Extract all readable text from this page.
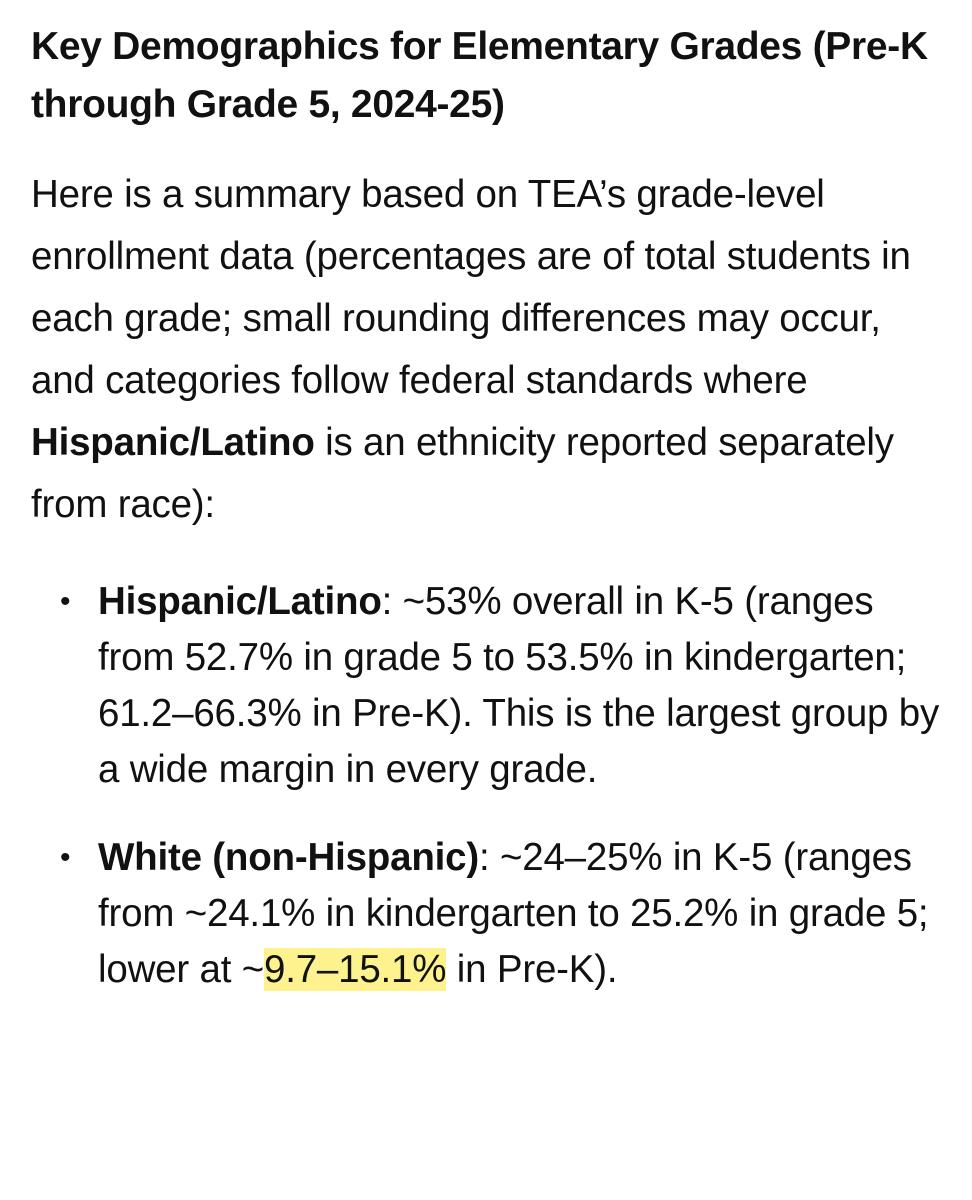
Key Demographics for Elementary Grades (Pre-K through Grade 5, 2024-25)

Here is a summary based on TEA’s grade-level enrollment data (percentages are of total students in each grade; small rounding differences may occur, and categories follow federal standards where Hispanic/Latino is an ethnicity reported separately from race):

• Hispanic/Latino: ~53% overall in K-5 (ranges from 52.7% in grade 5 to 53.5% in kindergarten; 61.2–66.3% in Pre-K). This is the largest group by a wide margin in every grade.
• White (non-Hispanic): ~24–25% in K-5 (ranges from ~24.1% in kindergarten to 25.2% in grade 5; lower at ~9.7–15.1% in Pre-K).
